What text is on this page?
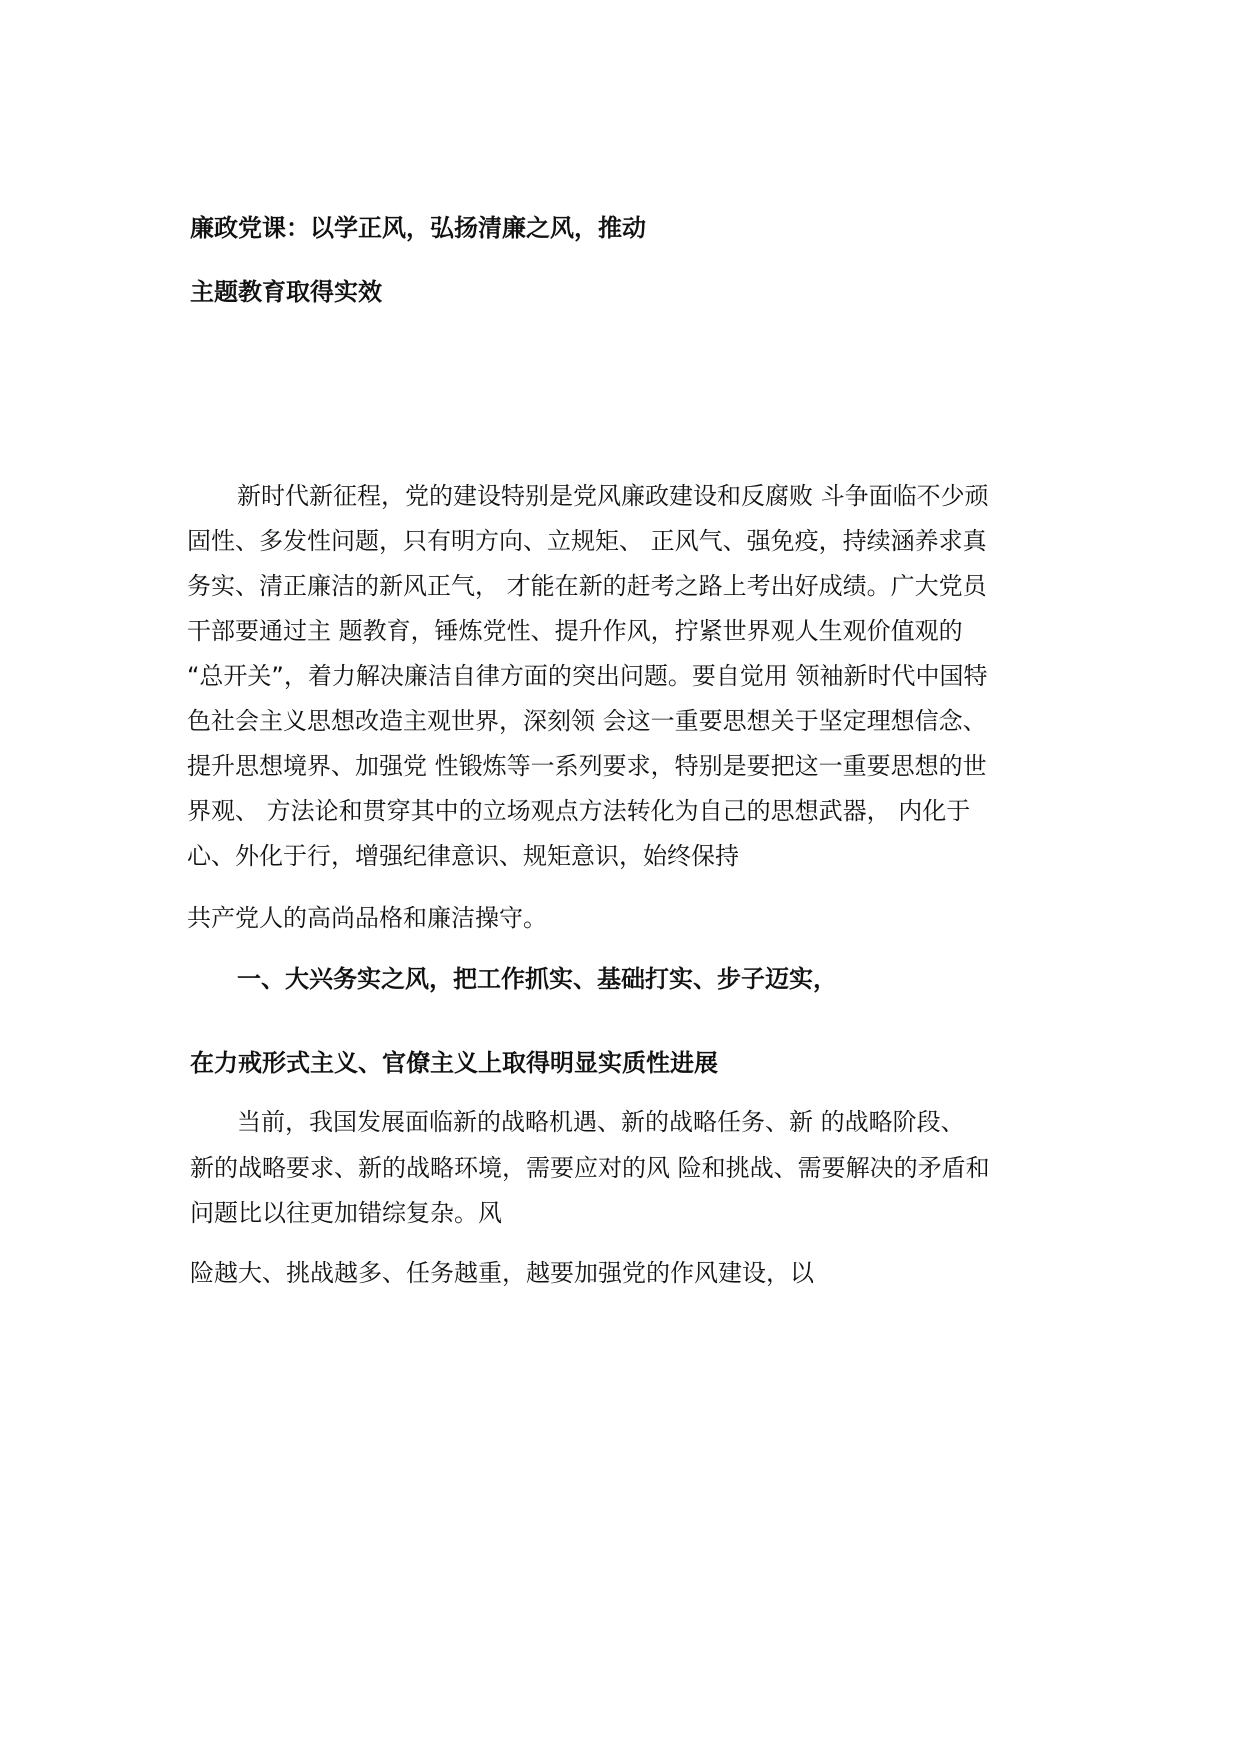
廉政党课：以学正风，弘扬清廉之风，推动
主题教育取得实效
新时代新征程，党的建设特别是党风廉政建设和反腐败 斗争面临不少顽
固性、多发性问题，只有明方向、立规矩、 正风气、强免疫，持续涵养求真
务实、清正廉洁的新风正气， 才能在新的赶考之路上考出好成绩。广大党员
干部要通过主 题教育，锤炼党性、提升作风，拧紧世界观人生观价值观的
“总开关”，着力解决廉洁自律方面的突出问题。要自觉用 领袖新时代中国特
色社会主义思想改造主观世界，深刻领 会这一重要思想关于坚定理想信念、
提升思想境界、加强党 性锻炼等一系列要求，特别是要把这一重要思想的世
界观、 方法论和贯穿其中的立场观点方法转化为自己的思想武器， 内化于
心、外化于行，增强纪律意识、规矩意识，始终保持
共产党人的高尚品格和廉洁操守。
一、大兴务实之风，把工作抓实、基础打实、步子迈实，
在力戒形式主义、官僚主义上取得明显实质性进展
当前，我国发展面临新的战略机遇、新的战略任务、新 的战略阶段、
新的战略要求、新的战略环境，需要应对的风 险和挑战、需要解决的矛盾和
问题比以往更加错综复杂。风
险越大、挑战越多、任务越重，越要加强党的作风建设，以
